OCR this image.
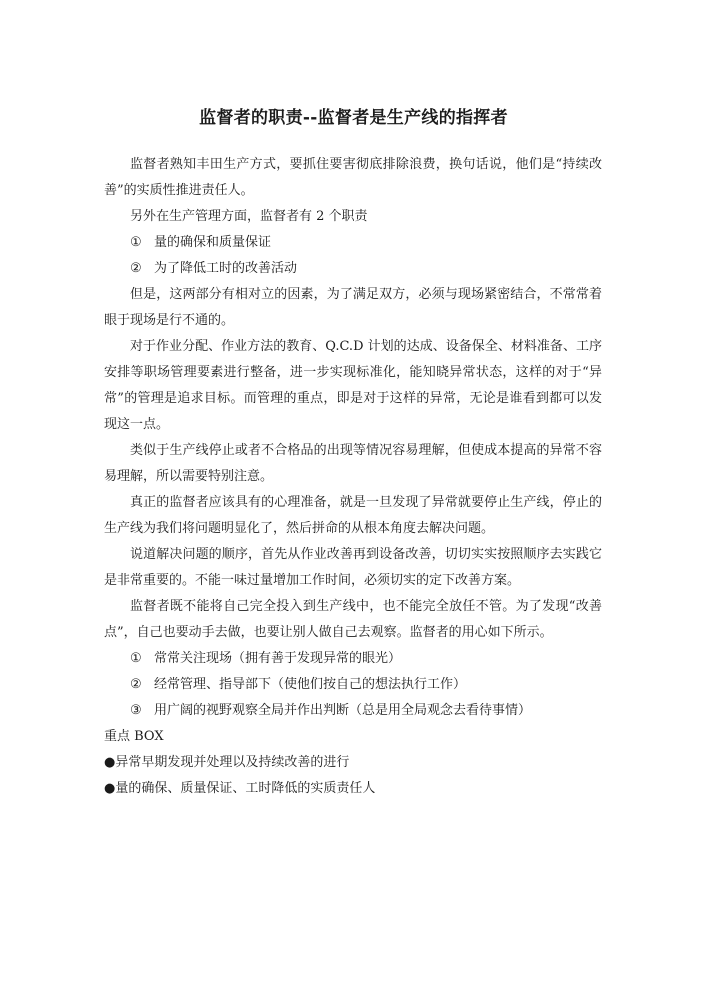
监督者的职责--监督者是生产线的指挥者

监督者熟知丰田生产方式，要抓住要害彻底排除浪费，换句话说，他们是“持续改善”的实质性推进责任人。

另外在生产管理方面，监督者有 2 个职责

① 量的确保和质量保证
② 为了降低工时的改善活动

但是，这两部分有相对立的因素，为了满足双方，必须与现场紧密结合，不常常着眼于现场是行不通的。

对于作业分配、作业方法的教育、Q.C.D 计划的达成、设备保全、材料准备、工序安排等职场管理要素进行整备，进一步实现标准化，能知晓异常状态，这样的对于“异常”的管理是追求目标。而管理的重点，即是对于这样的异常，无论是谁看到都可以发现这一点。

类似于生产线停止或者不合格品的出现等情况容易理解，但使成本提高的异常不容易理解，所以需要特别注意。

真正的监督者应该具有的心理准备，就是一旦发现了异常就要停止生产线，停止的生产线为我们将问题明显化了，然后拼命的从根本角度去解决问题。

说道解决问题的顺序，首先从作业改善再到设备改善，切切实实按照顺序去实践它是非常重要的。不能一味过量增加工作时间，必须切实的定下改善方案。

监督者既不能将自己完全投入到生产线中，也不能完全放任不管。为了发现“改善点”，自己也要动手去做，也要让别人做自己去观察。监督者的用心如下所示。

① 常常关注现场（拥有善于发现异常的眼光）
② 经常管理、指导部下（使他们按自己的想法执行工作）
③ 用广阔的视野观察全局并作出判断（总是用全局观念去看待事情）
重点 BOX
●异常早期发现并处理以及持续改善的进行
●量的确保、质量保证、工时降低的实质责任人
